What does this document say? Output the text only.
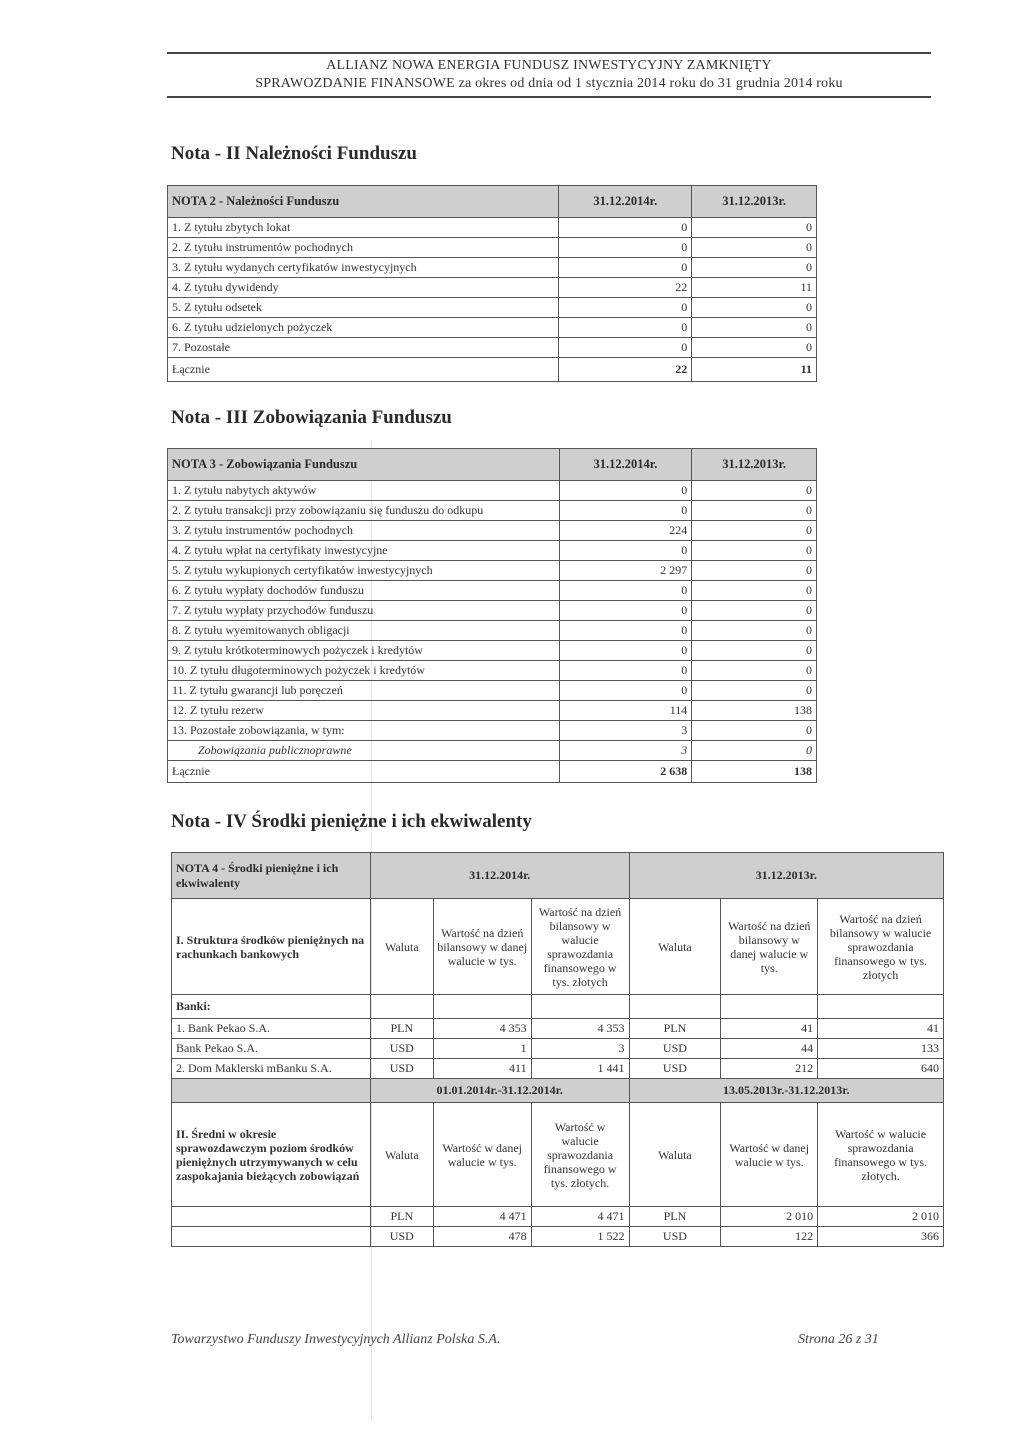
ALLIANZ NOWA ENERGIA FUNDUSZ INWESTYCYJNY ZAMKNIĘTY
SPRAWOZDANIE FINANSOWE za okres od dnia od 1 stycznia 2014 roku do 31 grudnia 2014 roku
Nota - II Należności Funduszu
NOTA 2 - Należności Funduszu	31.12.2014r.	31.12.2013r.
1. Z tytułu zbytych lokat	0	0
2. Z tytułu instrumentów pochodnych	0	0
3. Z tytułu wydanych certyfikatów inwestycyjnych	0	0
4. Z tytułu dywidendy	22	11
5. Z tytułu odsetek	0	0
6. Z tytułu udzielonych pożyczek	0	0
7. Pozostałe	0	0
Łącznie	22	11
Nota - III Zobowiązania Funduszu
NOTA 3 - Zobowiązania Funduszu	31.12.2014r.	31.12.2013r.
1. Z tytułu nabytych aktywów	0	0
2. Z tytułu transakcji przy zobowiązaniu się funduszu do odkupu	0	0
3. Z tytułu instrumentów pochodnych	224	0
4. Z tytułu wpłat na certyfikaty inwestycyjne	0	0
5. Z tytułu wykupionych certyfikatów inwestycyjnych	2 297	0
6. Z tytułu wypłaty dochodów funduszu	0	0
7. Z tytułu wypłaty przychodów funduszu	0	0
8. Z tytułu wyemitowanych obligacji	0	0
9. Z tytułu krótkoterminowych pożyczek i kredytów	0	0
10. Z tytułu długoterminowych pożyczek i kredytów	0	0
11. Z tytułu gwarancji lub poręczeń	0	0
12. Z tytułu rezerw	114	138
13. Pozostałe zobowiązania, w tym:	3	0
Zobowiązania publicznoprawne	3	0
Łącznie	2 638	138
Nota - IV Środki pieniężne i ich ekwiwalenty
NOTA 4 - Środki pieniężne i ich ekwiwalenty	31.12.2014r.			31.12.2013r.		
I. Struktura środków pieniężnych na rachunkach bankowych	Waluta	Wartość na dzień bilansowy w danej walucie w tys.	Wartość na dzień bilansowy w walucie sprawozdania finansowego w tys. złotych	Waluta	Wartość na dzień bilansowy w danej walucie w tys.	Wartość na dzień bilansowy w walucie sprawozdania finansowego w tys. złotych
Banki:						
1. Bank Pekao S.A.	PLN	4 353	4 353	PLN	41	41
Bank Pekao S.A.	USD	1	3	USD	44	133
2. Dom Maklerski mBanku S.A.	USD	411	1 441	USD	212	640
	01.01.2014r.-31.12.2014r.			13.05.2013r.-31.12.2013r.		
II. Średni w okresie sprawozdawczym poziom środków pieniężnych utrzymywanych w celu zaspokajania bieżących zobowiązań	Waluta	Wartość w danej walucie w tys.	Wartość w walucie sprawozdania finansowego w tys. złotych.	Waluta	Wartość w danej walucie w tys.	Wartość w walucie sprawozdania finansowego w tys. złotych.
	PLN	4 471	4 471	PLN	2 010	2 010
	USD	478	1 522	USD	122	366
Towarzystwo Funduszy Inwestycyjnych Allianz Polska S.A.	Strona 26 z 31
